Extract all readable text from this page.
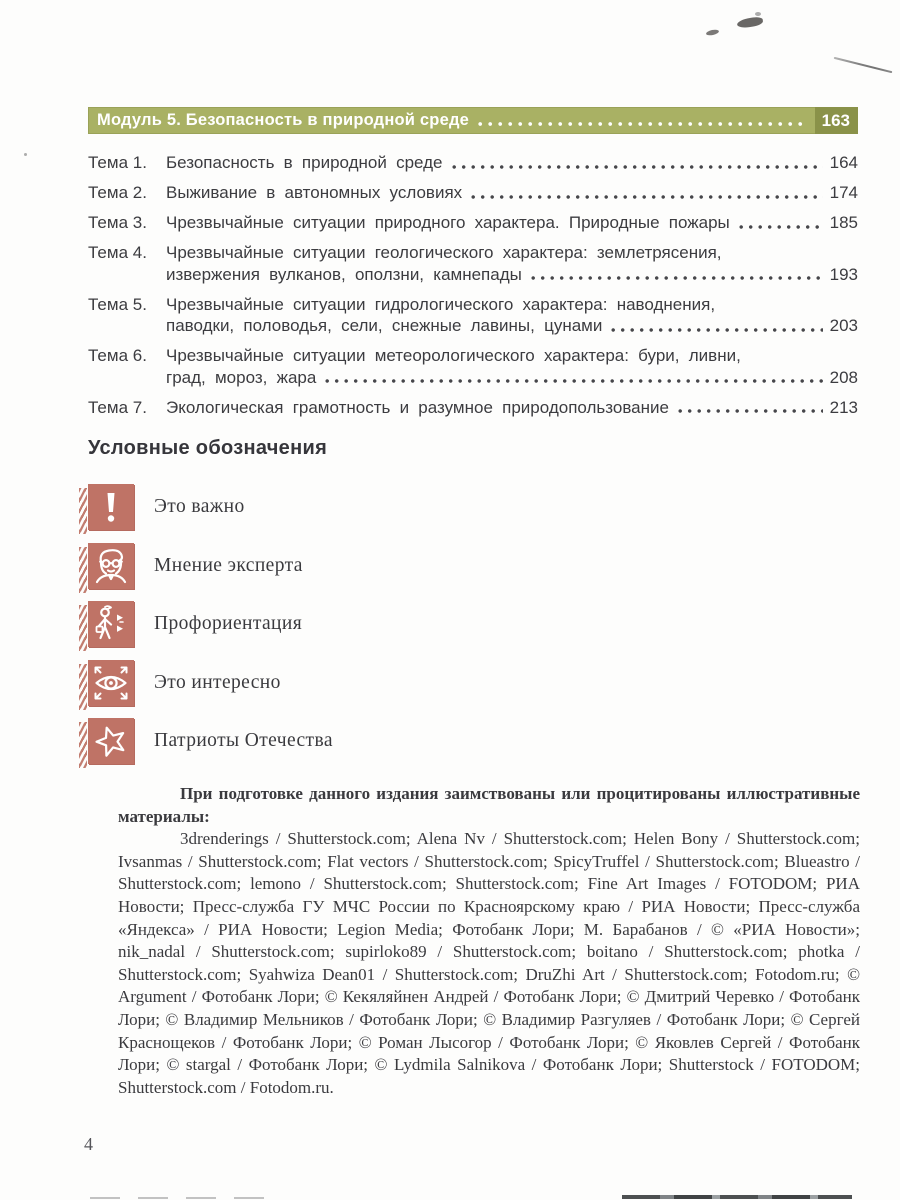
Модуль 5. Безопасность в природной среде	163
Тема 1.	Безопасность в природной среде	164
Тема 2.	Выживание в автономных условиях	174
Тема 3.	Чрезвычайные ситуации природного характера. Природные пожары	185
Тема 4.	Чрезвычайные ситуации геологического характера: землетрясения,
извержения вулканов, оползни, камнепады	193
Тема 5.	Чрезвычайные ситуации гидрологического характера: наводнения,
паводки, половодья, сели, снежные лавины, цунами	203
Тема 6.	Чрезвычайные ситуации метеорологического характера: бури, ливни,
град, мороз, жара	208
Тема 7.	Экологическая грамотность и разумное природопользование	213
Условные обозначения
Это важно
Мнение эксперта
Профориентация
Это интересно
Патриоты Отечества

При подготовке данного издания заимствованы или процитированы иллюстративные материалы:

3drenderings / Shutterstock.com; Alena Nv / Shutterstock.com; Helen Bony / Shutterstock.com; Ivsanmas / Shutterstock.com; Flat vectors / Shutterstock.com; SpicyTruffel / Shutterstock.com; Blueastro / Shutterstock.com; lemono / Shutterstock.com; Shutterstock.com; Fine Art Images / FOTODOM; РИА Новости; Пресс-служба ГУ МЧС России по Красноярскому краю / РИА Новости; Пресс-служба «Яндекса» / РИА Новости; Legion Media; Фотобанк Лори; М. Барабанов / © «РИА Новости»; nik_nadal / Shutterstock.com; supirloko89 / Shutterstock.com; boitano / Shutterstock.com; photka / Shutterstock.com; Syahwiza Dean01 / Shutterstock.com; DruZhi Art / Shutterstock.com; Fotodom.ru; © Argument / Фотобанк Лори; © Кекяляйнен Андрей / Фотобанк Лори; © Дмитрий Черевко / Фотобанк Лори; © Владимир Мельников / Фотобанк Лори; © Владимир Разгуляев / Фотобанк Лори; © Сергей Краснощеков / Фотобанк Лори; © Роман Лысогор / Фотобанк Лори; © Яковлев Сергей / Фотобанк Лори; © stargal / Фотобанк Лори; © Lydmila Salnikova / Фотобанк Лори; Shutterstock / FOTODOM; Shutterstock.com / Fotodom.ru.

4
